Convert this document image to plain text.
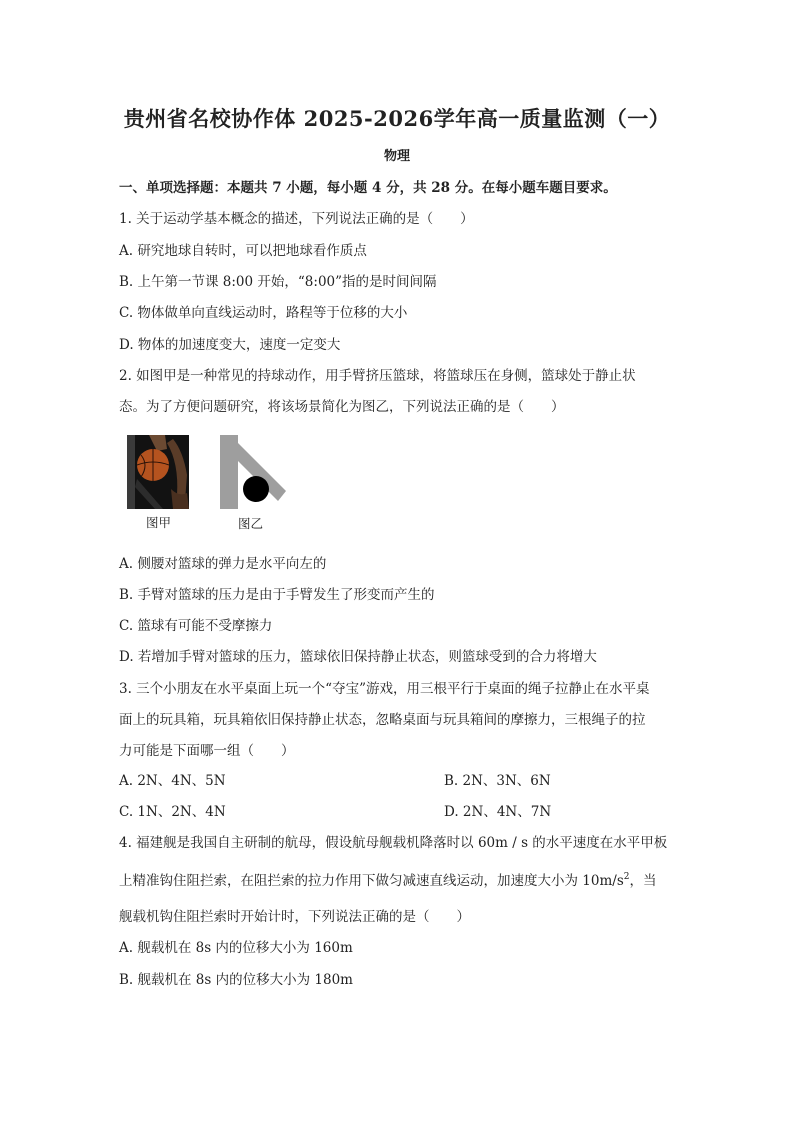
贵州省名校协作体 2025-2026学年高一质量监测（一）
物理
一、单项选择题：本题共 7 小题，每小题 4 分，共 28 分。在每小题车题目要求。
1. 关于运动学基本概念的描述，下列说法正确的是（　　）
A. 研究地球自转时，可以把地球看作质点
B. 上午第一节课 8:00 开始，“8:00”指的是时间间隔
C. 物体做单向直线运动时，路程等于位移的大小
D. 物体的加速度变大，速度一定变大
2. 如图甲是一种常见的持球动作，用手臂挤压篮球，将篮球压在身侧，篮球处于静止状
态。为了方便问题研究，将该场景简化为图乙，下列说法正确的是（　　）
图甲	图乙
A. 侧腰对篮球的弹力是水平向左的
B. 手臂对篮球的压力是由于手臂发生了形变而产生的
C. 篮球有可能不受摩擦力
D. 若增加手臂对篮球的压力，篮球依旧保持静止状态，则篮球受到的合力将增大
3. 三个小朋友在水平桌面上玩一个“夺宝”游戏，用三根平行于桌面的绳子拉静止在水平桌
面上的玩具箱，玩具箱依旧保持静止状态，忽略桌面与玩具箱间的摩擦力，三根绳子的拉
力可能是下面哪一组（　　）
A. 2N、4N、5N	B. 2N、3N、6N
C. 1N、2N、4N	D. 2N、4N、7N
4. 福建舰是我国自主研制的航母，假设航母舰载机降落时以 60m / s 的水平速度在水平甲板
上精准钩住阻拦索，在阻拦索的拉力作用下做匀减速直线运动，加速度大小为 $10m/s^2$，当
舰载机钩住阻拦索时开始计时，下列说法正确的是（　　）
A. 舰载机在 8s 内的位移大小为 160m
B. 舰载机在 8s 内的位移大小为 180m
